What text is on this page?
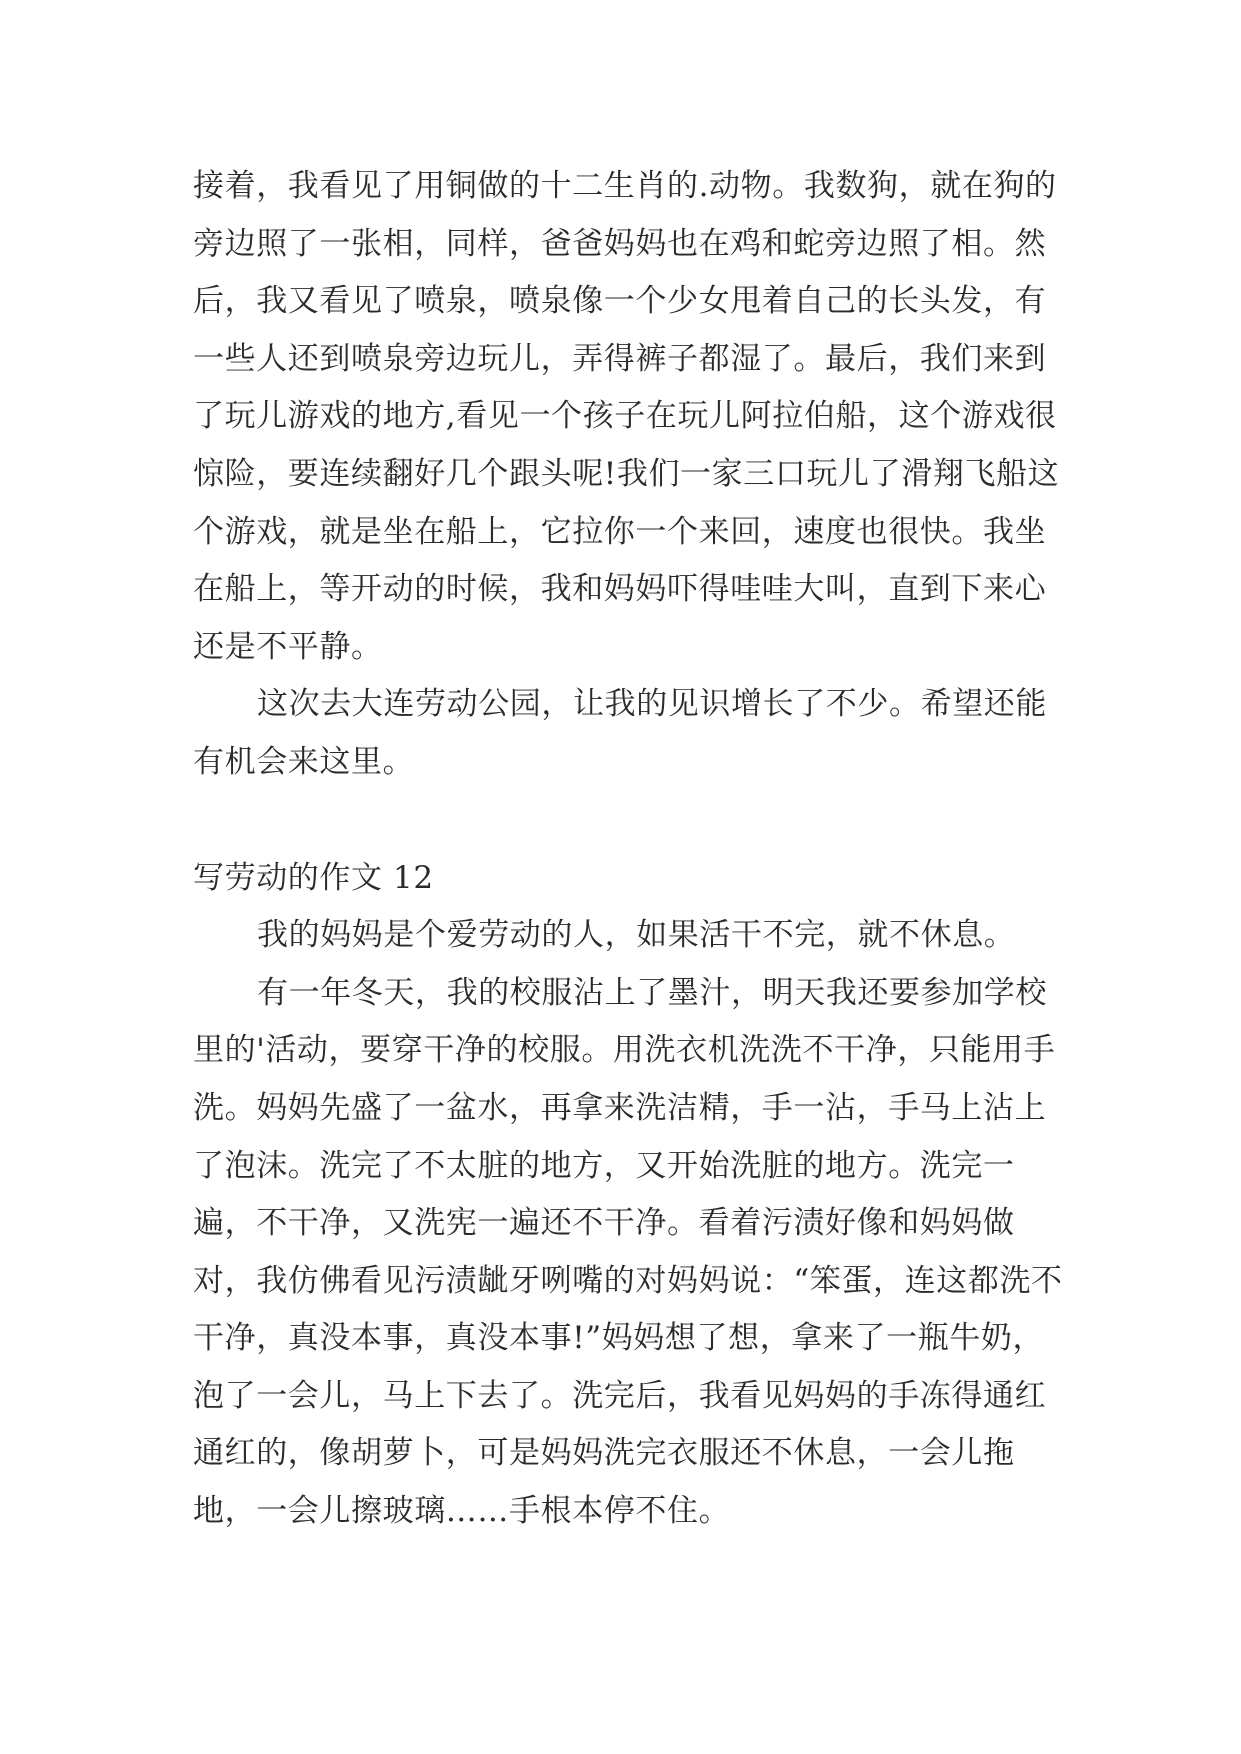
接着，我看见了用铜做的十二生肖的.动物。我数狗，就在狗的旁边照了一张相，同样，爸爸妈妈也在鸡和蛇旁边照了相。然后，我又看见了喷泉，喷泉像一个少女甩着自己的长头发，有一些人还到喷泉旁边玩儿，弄得裤子都湿了。最后，我们来到了玩儿游戏的地方,看见一个孩子在玩儿阿拉伯船，这个游戏很惊险，要连续翻好几个跟头呢!我们一家三口玩儿了滑翔飞船这个游戏，就是坐在船上，它拉你一个来回，速度也很快。我坐在船上，等开动的时候，我和妈妈吓得哇哇大叫，直到下来心还是不平静。

这次去大连劳动公园，让我的见识增长了不少。希望还能有机会来这里。

写劳动的作文 12

我的妈妈是个爱劳动的人，如果活干不完，就不休息。

有一年冬天，我的校服沾上了墨汁，明天我还要参加学校里的'活动，要穿干净的校服。用洗衣机洗洗不干净，只能用手洗。妈妈先盛了一盆水，再拿来洗洁精，手一沾，手马上沾上了泡沫。洗完了不太脏的地方，又开始洗脏的地方。洗完一遍，不干净，又洗宪一遍还不干净。看着污渍好像和妈妈做对，我仿佛看见污渍龇牙咧嘴的对妈妈说：“笨蛋，连这都洗不干净，真没本事，真没本事!”妈妈想了想，拿来了一瓶牛奶，泡了一会儿，马上下去了。洗完后，我看见妈妈的手冻得通红通红的，像胡萝卜，可是妈妈洗完衣服还不休息，一会儿拖地，一会儿擦玻璃……手根本停不住。
